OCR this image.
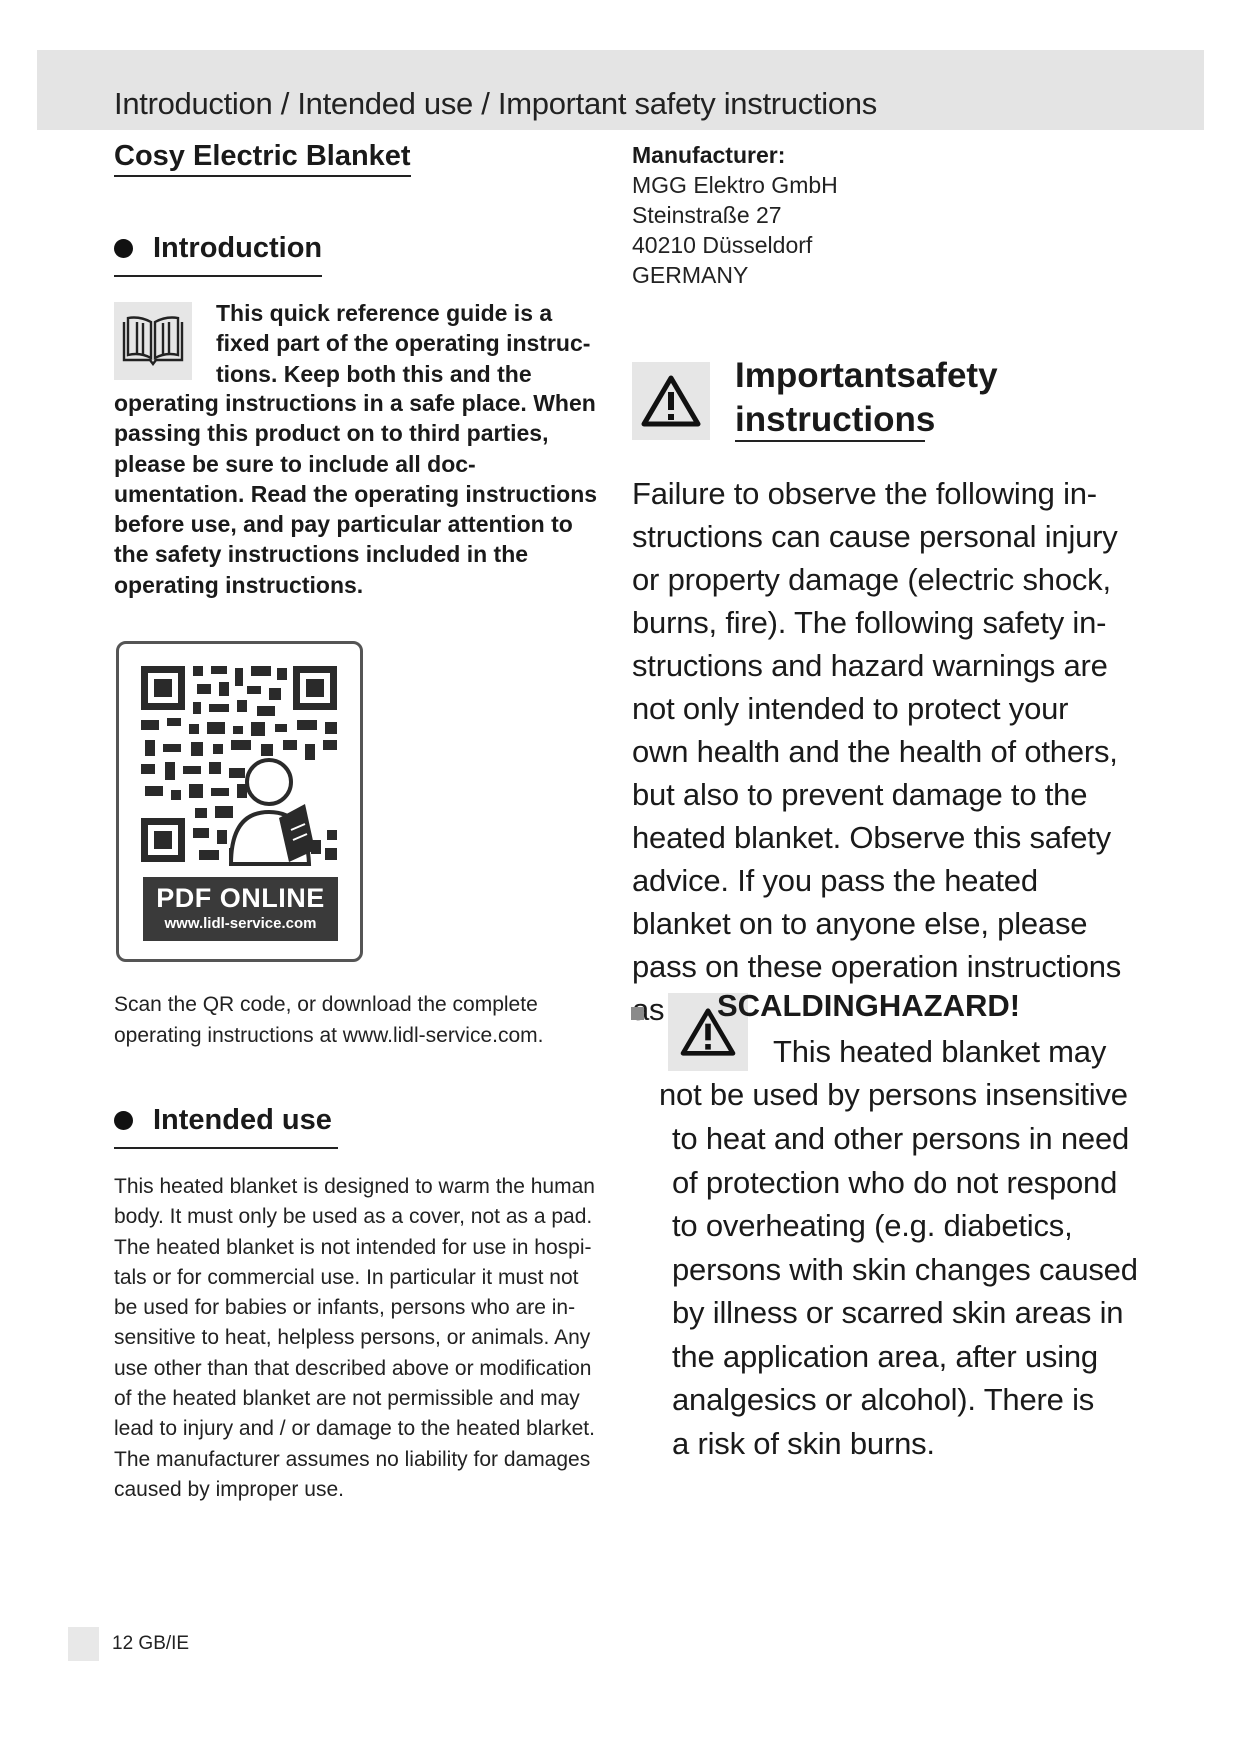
Introduction / Intended use / Important safety instructions
Cosy Electric Blanket
Introduction
This quick reference guide is a fixed part of the operating instruc-tions. Keep both this and the
operating instructions in a safe place. When passing this product on to third parties, please be sure to include all doc-umentation. Read the operating instructions before use, and pay particular attention to the safety instructions included in the operating instructions.
PDF ONLINE
www.lidl-service.com
Scan the QR code, or download the complete operating instructions at www.lidl-service.com.
Intended use
This heated blanket is designed to warm the human body. It must only be used as a cover, not as a pad. The heated blanket is not intended for use in hospi-tals or for commercial use. In particular it must not be used for babies or infants, persons who are in-sensitive to heat, helpless persons, or animals. Any use other than that described above or modification of the heated blanket are not permissible and may lead to injury and / or damage to the heated blarket. The manufacturer assumes no liability for damages caused by improper use.
Manufacturer:
MGG Elektro GmbH
Steinstraße 27
40210 Düsseldorf
GERMANY
Importantsafety
instructions
Failure to observe the following in-structions can cause personal injury or property damage (electric shock, burns, fire). The following safety in-structions and hazard warnings are not only intended to protect your own health and the health of others, but also to prevent damage to the heated blanket. Observe this safety advice. If you pass the heated blanket on to anyone else, please pass on these operation instructions as	SCALDINGHAZARD!
This heated blanket may
not be used by persons insensitive
to heat and other persons in need
of protection who do not respond
to overheating (e.g. diabetics,
persons with skin changes caused
by illness or scarred skin areas in
the application area, after using
analgesics or alcohol). There is
a risk of skin burns.
12 GB/IE
